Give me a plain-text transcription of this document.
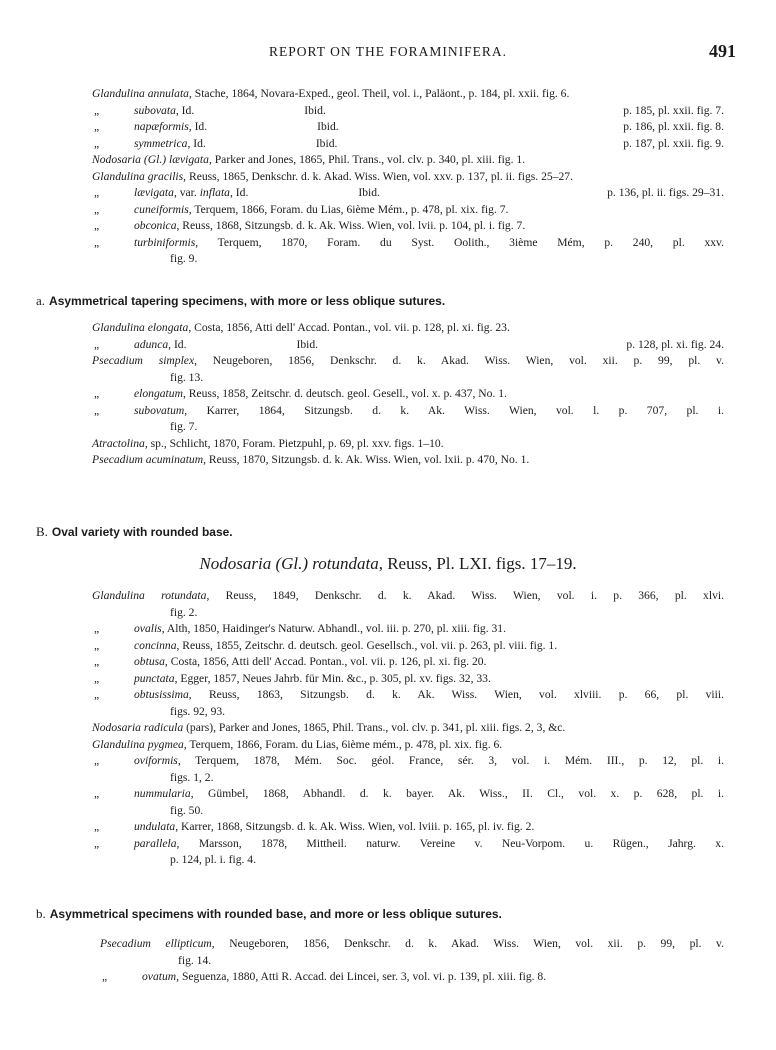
REPORT ON THE FORAMINIFERA.	491
Glandulina annulata, Stache, 1864, Novara-Exped., geol. Theil, vol. i., Paläont., p. 184, pl. xxii. fig. 6.
„	subovata, Id.	Ibid.	p. 185, pl. xxii. fig. 7.
„	napæformis, Id.	Ibid.	p. 186, pl. xxii. fig. 8.
„	symmetrica, Id.	Ibid.	p. 187, pl. xxii. fig. 9.
Nodosaria (Gl.) lævigata, Parker and Jones, 1865, Phil. Trans., vol. clv. p. 340, pl. xiii. fig. 1.
Glandulina gracilis, Reuss, 1865, Denkschr. d. k. Akad. Wiss. Wien, vol. xxv. p. 137, pl. ii. figs. 25–27.
„	lævigata, var. inflata, Id.	Ibid.	p. 136, pl. ii. figs. 29–31.
„	cuneiformis, Terquem, 1866, Foram. du Lias, 6ième Mém., p. 478, pl. xix. fig. 7.
„	obconica, Reuss, 1868, Sitzungsb. d. k. Ak. Wiss. Wien, vol. lvii. p. 104, pl. i. fig. 7.
„	turbiniformis, Terquem, 1870, Foram. du Syst. Oolith., 3ième Mém, p. 240, pl. xxv.
fig. 9.
a. Asymmetrical tapering specimens, with more or less oblique sutures.
Glandulina elongata, Costa, 1856, Atti dell' Accad. Pontan., vol. vii. p. 128, pl. xi. fig. 23.
„	adunca, Id.	Ibid.	p. 128, pl. xi. fig. 24.
Psecadium simplex, Neugeboren, 1856, Denkschr. d. k. Akad. Wiss. Wien, vol. xii. p. 99, pl. v.
fig. 13.
„	elongatum, Reuss, 1858, Zeitschr. d. deutsch. geol. Gesell., vol. x. p. 437, No. 1.
„	subovatum, Karrer, 1864, Sitzungsb. d. k. Ak. Wiss. Wien, vol. l. p. 707, pl. i.
fig. 7.
Atractolina, sp., Schlicht, 1870, Foram. Pietzpuhl, p. 69, pl. xxv. figs. 1–10.
Psecadium acuminatum, Reuss, 1870, Sitzungsb. d. k. Ak. Wiss. Wien, vol. lxii. p. 470, No. 1.
B. Oval variety with rounded base.
Nodosaria (Gl.) rotundata, Reuss, Pl. LXI. figs. 17–19.
Glandulina rotundata, Reuss, 1849, Denkschr. d. k. Akad. Wiss. Wien, vol. i. p. 366, pl. xlvi.
fig. 2.
„	ovalis, Alth, 1850, Haidinger's Naturw. Abhandl., vol. iii. p. 270, pl. xiii. fig. 31.
„	concinna, Reuss, 1855, Zeitschr. d. deutsch. geol. Gesellsch., vol. vii. p. 263, pl. viii. fig. 1.
„	obtusa, Costa, 1856, Atti dell' Accad. Pontan., vol. vii. p. 126, pl. xi. fig. 20.
„	punctata, Egger, 1857, Neues Jahrb. für Min. &c., p. 305, pl. xv. figs. 32, 33.
„	obtusissima, Reuss, 1863, Sitzungsb. d. k. Ak. Wiss. Wien, vol. xlviii. p. 66, pl. viii.
figs. 92, 93.
Nodosaria radicula (pars), Parker and Jones, 1865, Phil. Trans., vol. clv. p. 341, pl. xiii. figs. 2, 3, &c.
Glandulina pygmea, Terquem, 1866, Foram. du Lias, 6ième mém., p. 478, pl. xix. fig. 6.
„	oviformis, Terquem, 1878, Mém. Soc. géol. France, sér. 3, vol. i. Mém. III., p. 12, pl. i.
figs. 1, 2.
„	nummularia, Gümbel, 1868, Abhandl. d. k. bayer. Ak. Wiss., II. Cl., vol. x. p. 628, pl. i.
fig. 50.
„	undulata, Karrer, 1868, Sitzungsb. d. k. Ak. Wiss. Wien, vol. lviii. p. 165, pl. iv. fig. 2.
„	parallela, Marsson, 1878, Mittheil. naturw. Vereine v. Neu-Vorpom. u. Rügen., Jahrg. x.
p. 124, pl. i. fig. 4.
b. Asymmetrical specimens with rounded base, and more or less oblique sutures.
Psecadium ellipticum, Neugeboren, 1856, Denkschr. d. k. Akad. Wiss. Wien, vol. xii. p. 99, pl. v.
fig. 14.
„	ovatum, Seguenza, 1880, Atti R. Accad. dei Lincei, ser. 3, vol. vi. p. 139, pl. xiii. fig. 8.
